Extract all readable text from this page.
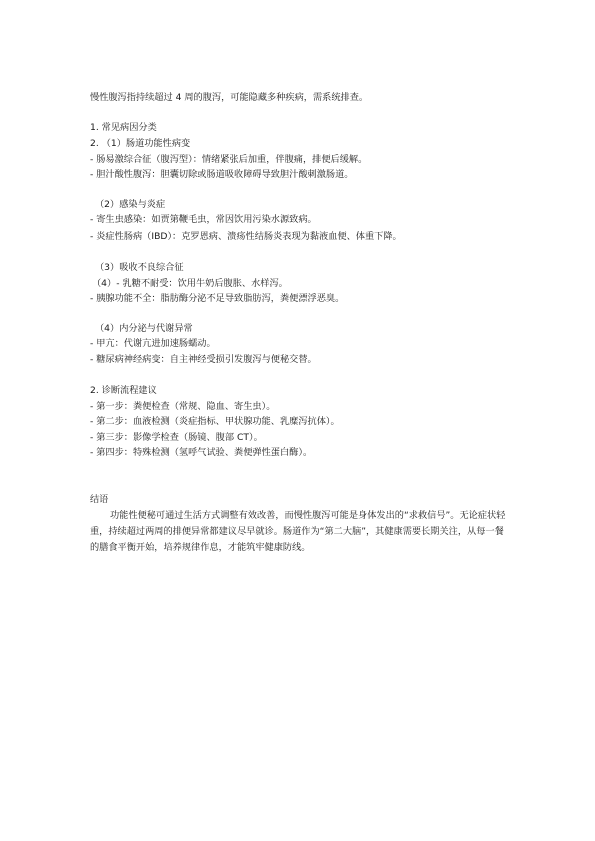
慢性腹泻指持续超过 4 周的腹泻，可能隐藏多种疾病，需系统排查。
1. 常见病因分类
2. （1）肠道功能性病变
- 肠易激综合征（腹泻型）：情绪紧张后加重，伴腹痛，排便后缓解。
- 胆汁酸性腹泻：胆囊切除或肠道吸收障碍导致胆汁酸刺激肠道。
（2）感染与炎症
- 寄生虫感染：如贾第鞭毛虫，常因饮用污染水源致病。
- 炎症性肠病（IBD）：克罗恩病、溃疡性结肠炎表现为黏液血便、体重下降。
（3）吸收不良综合征
（4）- 乳糖不耐受：饮用牛奶后腹胀、水样泻。
- 胰腺功能不全：脂肪酶分泌不足导致脂肪泻，粪便漂浮恶臭。
（4）内分泌与代谢异常
- 甲亢：代谢亢进加速肠蠕动。
- 糖尿病神经病变：自主神经受损引发腹泻与便秘交替。
2. 诊断流程建议
- 第一步：粪便检查（常规、隐血、寄生虫）。
- 第二步：血液检测（炎症指标、甲状腺功能、乳糜泻抗体）。
- 第三步：影像学检查（肠镜、腹部 CT）。
- 第四步：特殊检测（氢呼气试验、粪便弹性蛋白酶）。
结语
功能性便秘可通过生活方式调整有效改善，而慢性腹泻可能是身体发出的“求救信号”。无论症状轻重，持续超过两周的排便异常都建议尽早就诊。肠道作为“第二大脑”，其健康需要长期关注，从每一餐的膳食平衡开始，培养规律作息，才能筑牢健康防线。
